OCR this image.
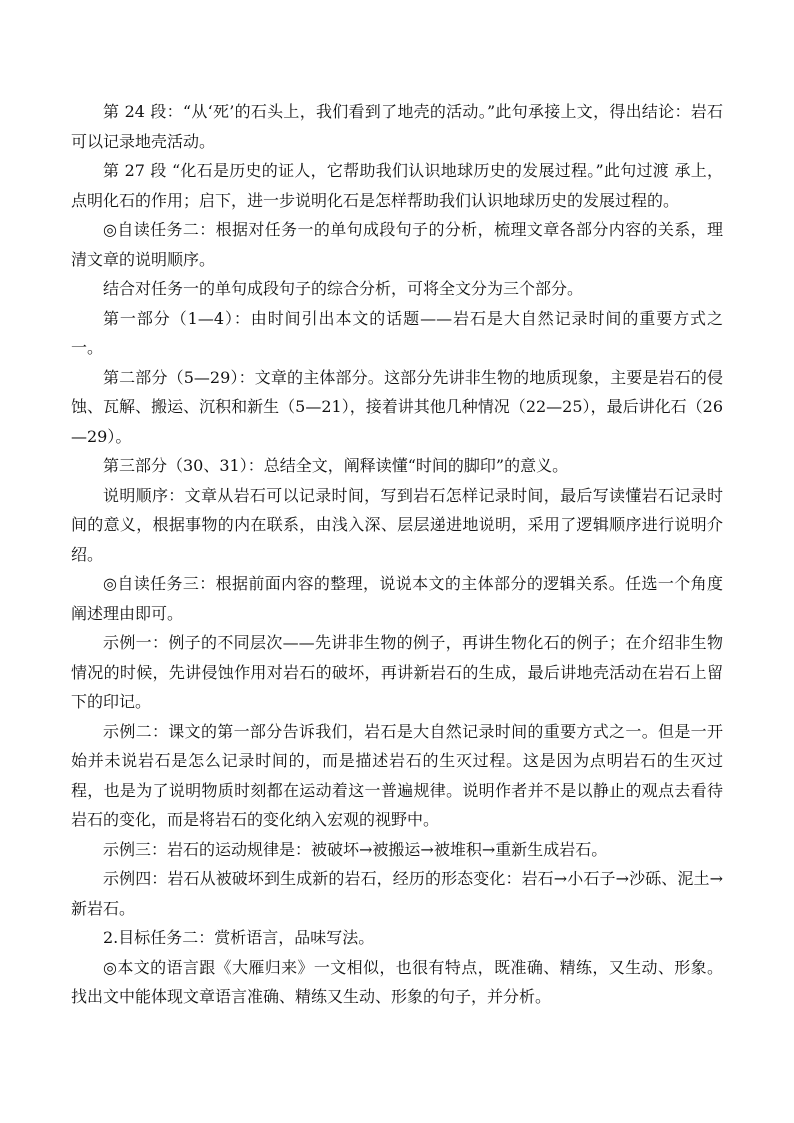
第 24 段：“从‘死’的石头上，我们看到了地壳的活动。”此句承接上文，得出结论：岩石可以记录地壳活动。

第 27 段 “化石是历史的证人，它帮助我们认识地球历史的发展过程。”此句过渡 承上，点明化石的作用；启下，进一步说明化石是怎样帮助我们认识地球历史的发展过程的。

◎自读任务二：根据对任务一的单句成段句子的分析，梳理文章各部分内容的关系，理清文章的说明顺序。

结合对任务一的单句成段句子的综合分析，可将全文分为三个部分。

第一部分（1—4）：由时间引出本文的话题——岩石是大自然记录时间的重要方式之一。

第二部分（5—29）：文章的主体部分。这部分先讲非生物的地质现象，主要是岩石的侵蚀、瓦解、搬运、沉积和新生（5—21），接着讲其他几种情况（22—25），最后讲化石（26—29）。

第三部分（30、31）：总结全文，阐释读懂“时间的脚印”的意义。

说明顺序：文章从岩石可以记录时间，写到岩石怎样记录时间，最后写读懂岩石记录时间的意义，根据事物的内在联系，由浅入深、层层递进地说明，采用了逻辑顺序进行说明介绍。

◎自读任务三：根据前面内容的整理，说说本文的主体部分的逻辑关系。任选一个角度阐述理由即可。

示例一：例子的不同层次——先讲非生物的例子，再讲生物化石的例子；在介绍非生物情况的时候，先讲侵蚀作用对岩石的破坏，再讲新岩石的生成，最后讲地壳活动在岩石上留下的印记。

示例二：课文的第一部分告诉我们，岩石是大自然记录时间的重要方式之一。但是一开始并未说岩石是怎么记录时间的，而是描述岩石的生灭过程。这是因为点明岩石的生灭过程，也是为了说明物质时刻都在运动着这一普遍规律。说明作者并不是以静止的观点去看待岩石的变化，而是将岩石的变化纳入宏观的视野中。

示例三：岩石的运动规律是：被破坏→被搬运→被堆积→重新生成岩石。

示例四：岩石从被破坏到生成新的岩石，经历的形态变化：岩石→小石子→沙砾、泥土→新岩石。

2.目标任务二：赏析语言，品味写法。

◎本文的语言跟《大雁归来》一文相似，也很有特点，既准确、精练，又生动、形象。找出文中能体现文章语言准确、精练又生动、形象的句子，并分析。
